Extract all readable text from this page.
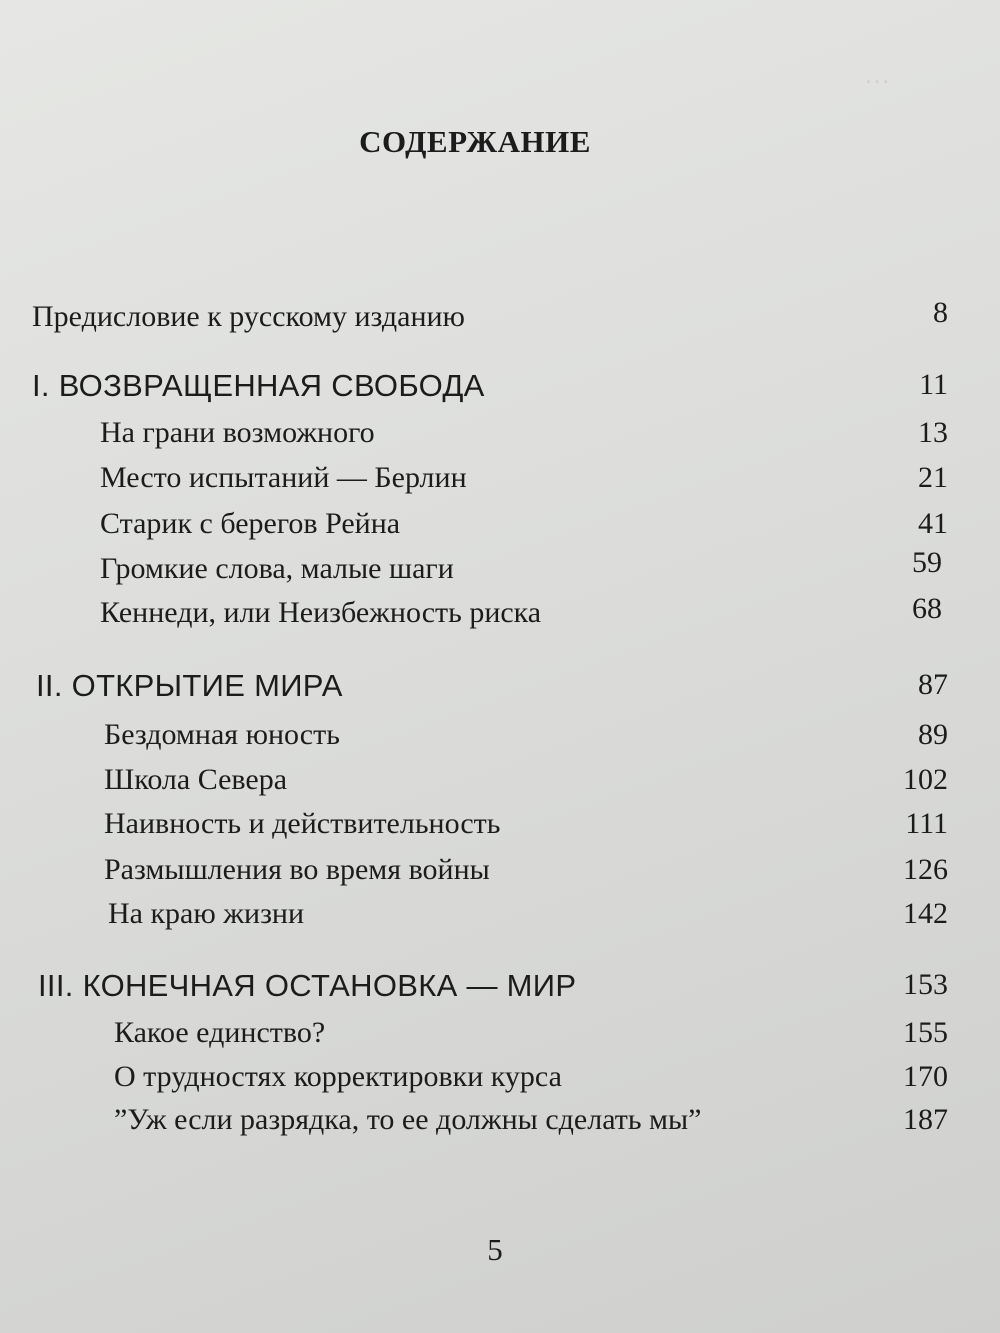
…
СОДЕРЖАНИЕ
Предисловие к русскому изданию	8
I. ВОЗВРАЩЕННАЯ СВОБОДА	11
На грани возможного	13
Место испытаний — Берлин	21
Старик с берегов Рейна	41
Громкие слова, малые шаги	59
Кеннеди, или Неизбежность риска	68
II. ОТКРЫТИЕ МИРА	87
Бездомная юность	89
Школа Севера	102
Наивность и действительность	111
Размышления во время войны	126
На краю жизни	142
III. КОНЕЧНАЯ ОСТАНОВКА — МИР	153
Какое единство?	155
О трудностях корректировки курса	170
”Уж если разрядка, то ее должны сделать мы”	187
5
